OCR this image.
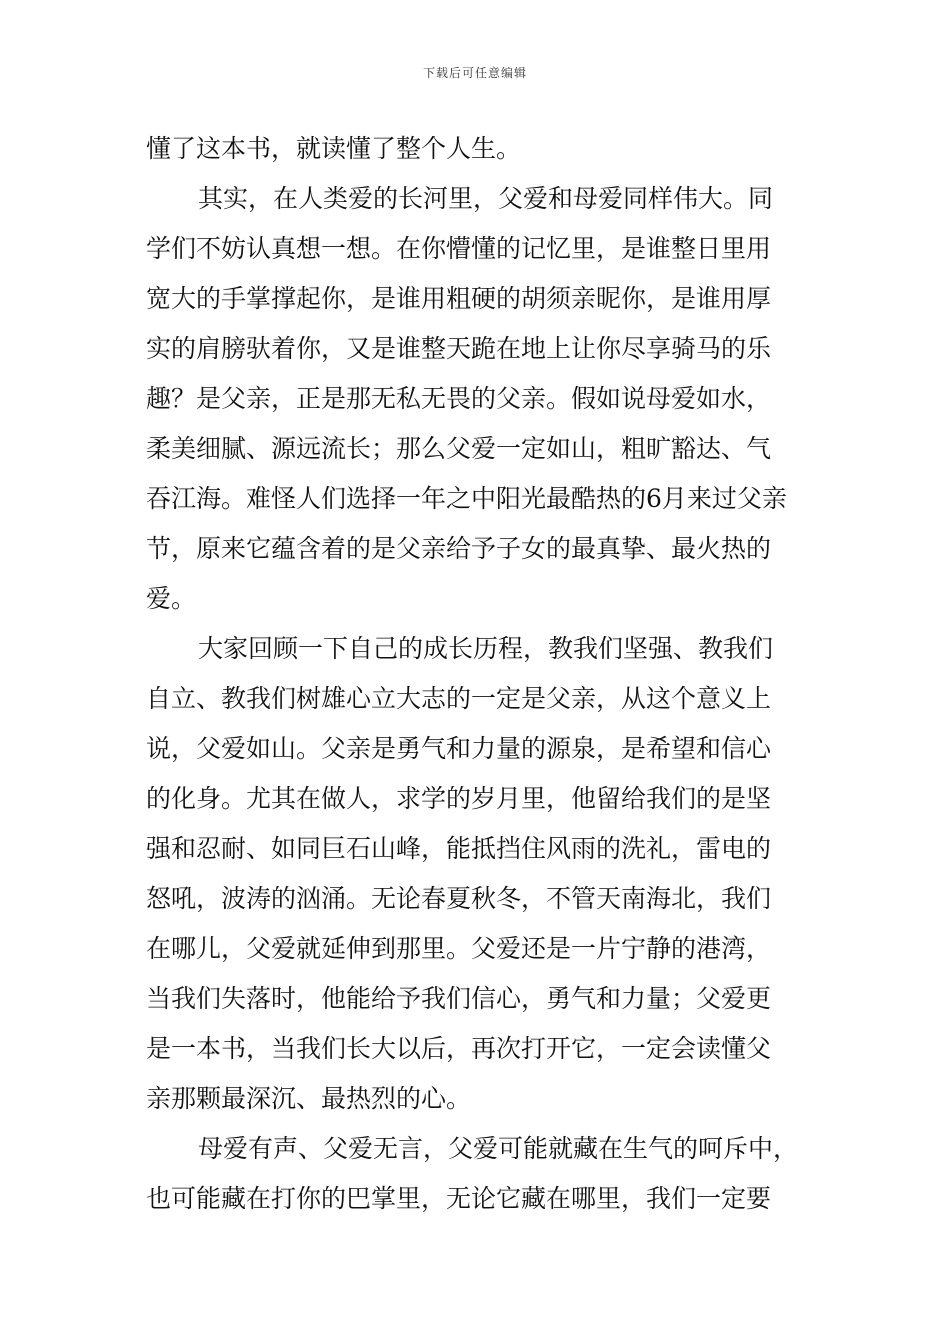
下载后可任意编辑
懂了这本书，就读懂了整个人生。
其实，在人类爱的长河里，父爱和母爱同样伟大。同
学们不妨认真想一想。在你懵懂的记忆里，是谁整日里用
宽大的手掌撑起你，是谁用粗硬的胡须亲昵你，是谁用厚
实的肩膀驮着你，又是谁整天跪在地上让你尽享骑马的乐
趣？是父亲，正是那无私无畏的父亲。假如说母爱如水，
柔美细腻、源远流长；那么父爱一定如山，粗旷豁达、气
吞江海。难怪人们选择一年之中阳光最酷热的6月来过父亲
节，原来它蕴含着的是父亲给予子女的最真挚、最火热的
爱。
大家回顾一下自己的成长历程，教我们坚强、教我们
自立、教我们树雄心立大志的一定是父亲，从这个意义上
说，父爱如山。父亲是勇气和力量的源泉，是希望和信心
的化身。尤其在做人，求学的岁月里，他留给我们的是坚
强和忍耐、如同巨石山峰，能抵挡住风雨的洗礼，雷电的
怒吼，波涛的汹涌。无论春夏秋冬，不管天南海北，我们
在哪儿，父爱就延伸到那里。父爱还是一片宁静的港湾，
当我们失落时，他能给予我们信心，勇气和力量；父爱更
是一本书，当我们长大以后，再次打开它，一定会读懂父
亲那颗最深沉、最热烈的心。
母爱有声、父爱无言，父爱可能就藏在生气的呵斥中，
也可能藏在打你的巴掌里，无论它藏在哪里，我们一定要
